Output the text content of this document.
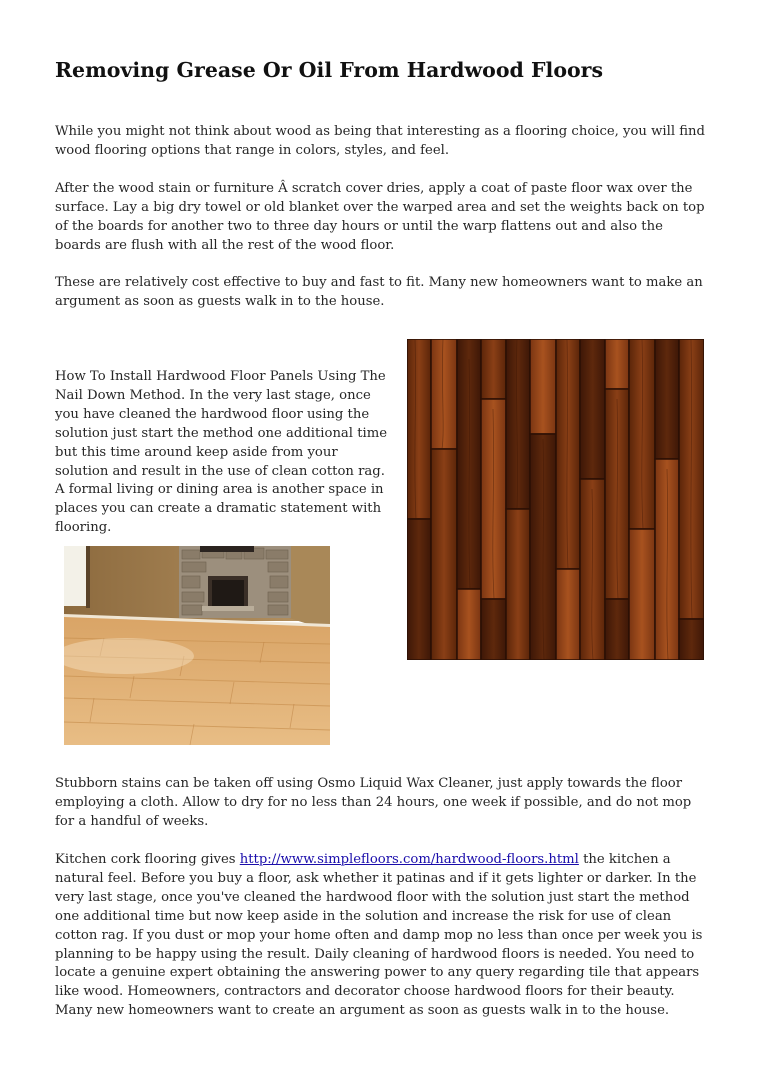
Removing Grease Or Oil From Hardwood Floors

While you might not think about wood as being that interesting as a flooring choice, you will find wood flooring options that range in colors, styles, and feel.

After the wood stain or furniture Â scratch cover dries, apply a coat of paste floor wax over the surface. Lay a big dry towel or old blanket over the warped area and set the weights back on top of the boards for another two to three day hours or until the warp flattens out and also the boards are flush with all the rest of the wood floor.

These are relatively cost effective to buy and fast to fit. Many new homeowners want to make an argument as soon as guests walk in to the house.

How To Install Hardwood Floor Panels Using The Nail Down Method. In the very last stage, once you have cleaned the hardwood floor using the solution just start the method one additional time but this time around keep aside from your solution and result in the use of clean cotton rag. A formal living or dining area is another space in places you can create a dramatic statement with flooring.

Stubborn stains can be taken off using Osmo Liquid Wax Cleaner, just apply towards the floor employing a cloth. Allow to dry for no less than 24 hours, one week if possible, and do not mop for a handful of weeks.

Kitchen cork flooring gives http://www.simplefloors.com/hardwood-floors.html the kitchen a natural feel. Before you buy a floor, ask whether it patinas and if it gets lighter or darker. In the very last stage, once you've cleaned the hardwood floor with the solution just start the method one additional time but now keep aside in the solution and increase the risk for use of clean cotton rag. If you dust or mop your home often and damp mop no less than once per week you is planning to be happy using the result. Daily cleaning of hardwood floors is needed. You need to locate a genuine expert obtaining the answering power to any query regarding tile that appears like wood. Homeowners, contractors and decorator choose hardwood floors for their beauty. Many new homeowners want to create an argument as soon as guests walk in to the house.
